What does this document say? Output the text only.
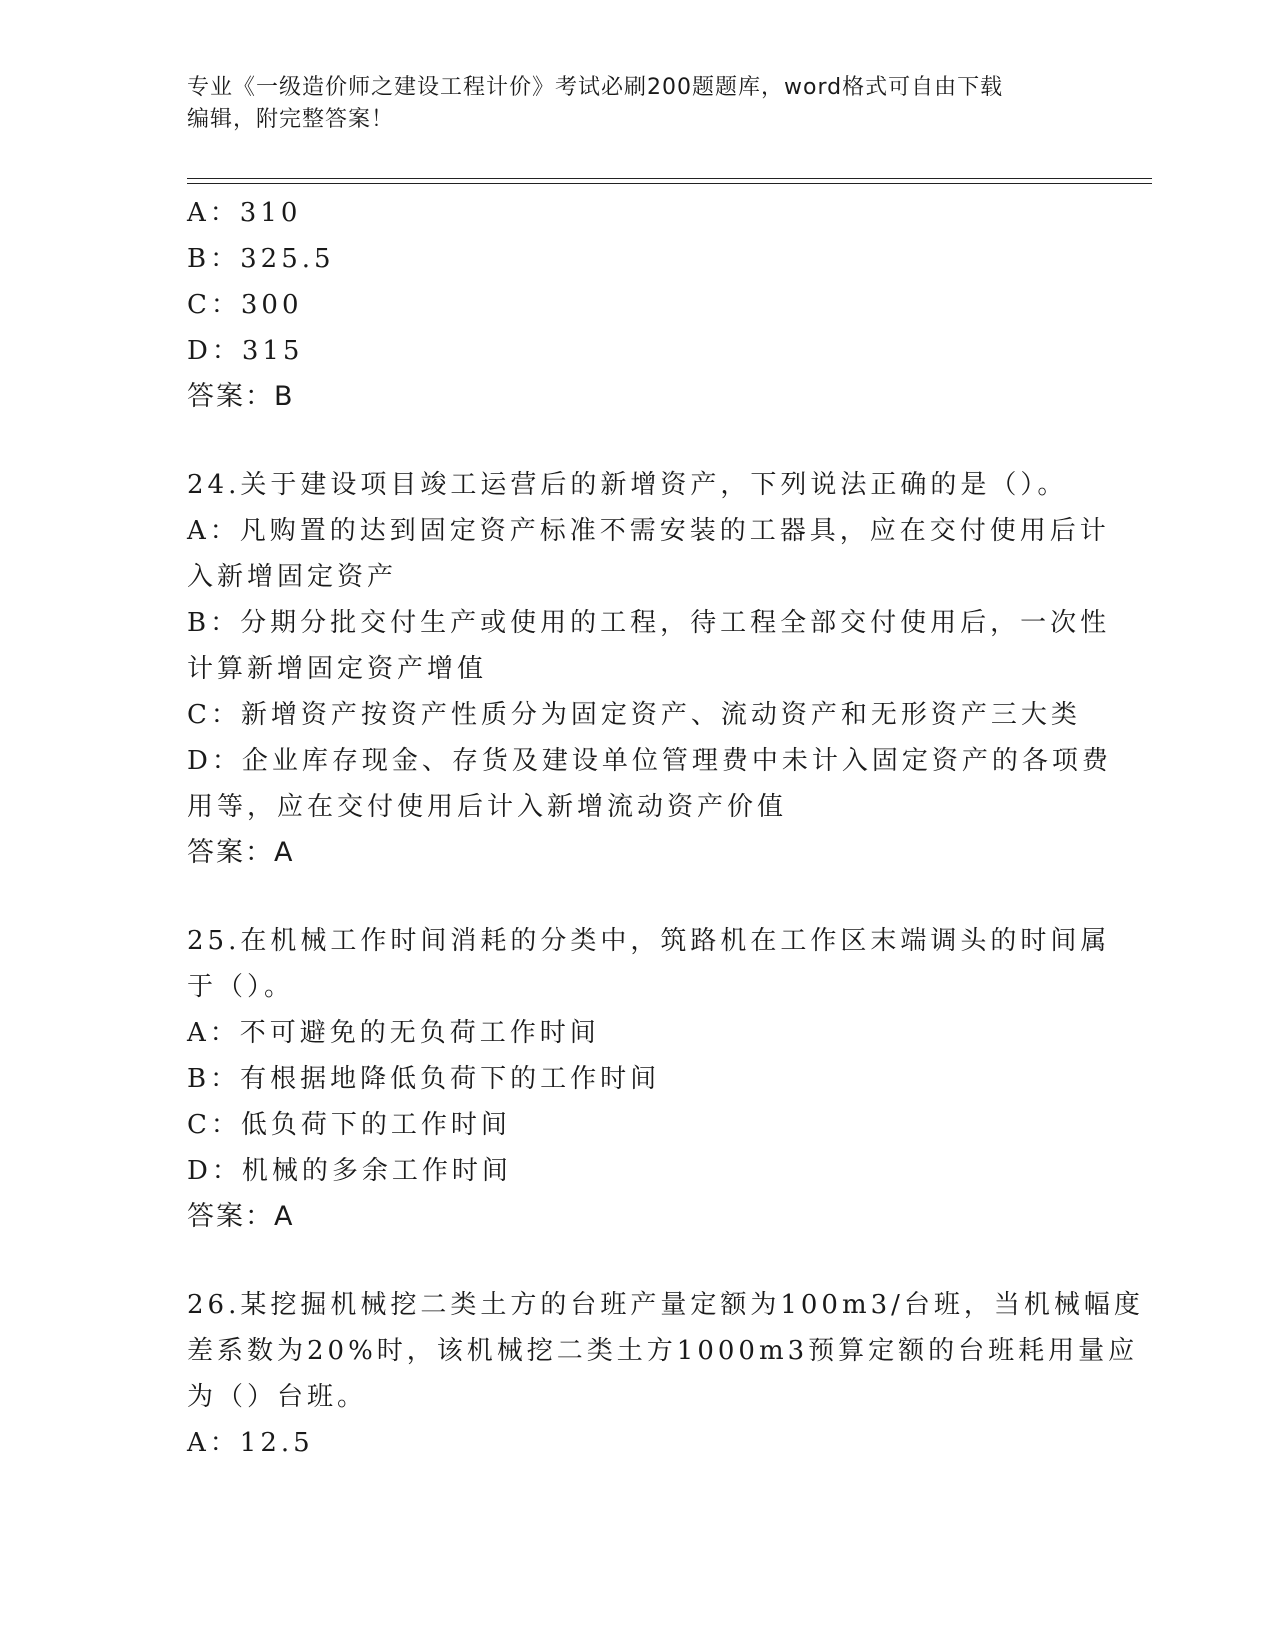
专业《一级造价师之建设工程计价》考试必刷200题题库，word格式可自由下载
编辑，附完整答案！
A：310
B：325.5
C：300
D：315
答案：B
24.关于建设项目竣工运营后的新增资产，下列说法正确的是（）。
A：凡购置的达到固定资产标准不需安装的工器具，应在交付使用后计
入新增固定资产
B：分期分批交付生产或使用的工程，待工程全部交付使用后，一次性
计算新增固定资产增值
C：新增资产按资产性质分为固定资产、流动资产和无形资产三大类
D：企业库存现金、存货及建设单位管理费中未计入固定资产的各项费
用等，应在交付使用后计入新增流动资产价值
答案：A
25.在机械工作时间消耗的分类中，筑路机在工作区末端调头的时间属
于（）。
A：不可避免的无负荷工作时间
B：有根据地降低负荷下的工作时间
C：低负荷下的工作时间
D：机械的多余工作时间
答案：A
26.某挖掘机械挖二类土方的台班产量定额为100m3/台班，当机械幅度
差系数为20%时，该机械挖二类土方1000m3预算定额的台班耗用量应
为（）台班。
A：12.5
